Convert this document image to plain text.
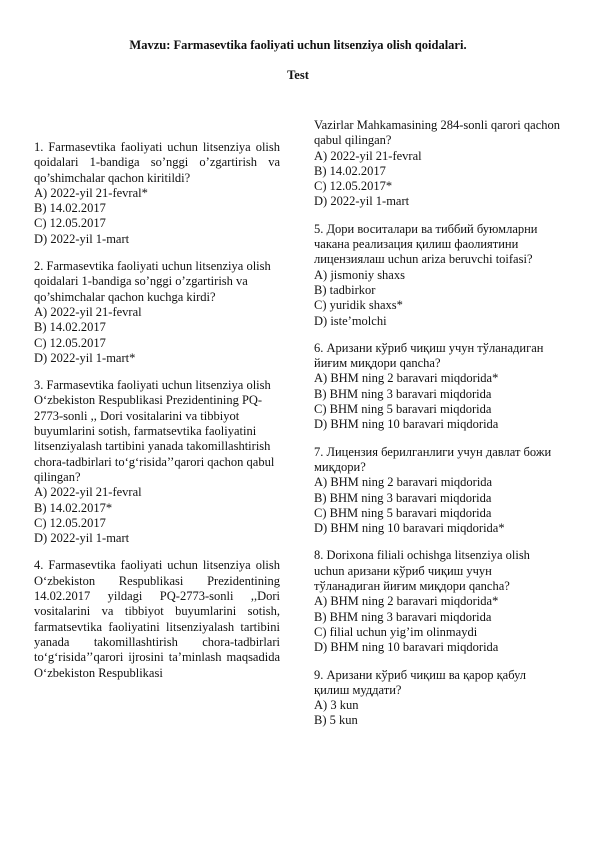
Mavzu: Farmasevtika faoliyati uchun litsenziya olish qoidalari.
Test
1. Farmasevtika faoliyati uchun litsenziya olish qoidalari 1-bandiga so’nggi o’zgartirish va qo’shimchalar qachon kiritildi?
A) 2022-yil 21-fevral*
B) 14.02.2017
C) 12.05.2017
D) 2022-yil 1-mart
2. Farmasevtika faoliyati uchun litsenziya olish qoidalari 1-bandiga so’nggi o’zgartirish va qo’shimchalar qachon kuchga kirdi?
A) 2022-yil 21-fevral
B) 14.02.2017
C) 12.05.2017
D) 2022-yil 1-mart*
3. Farmasevtika faoliyati uchun litsenziya olish O‘zbekiston Respublikasi Prezidentining PQ-2773-sonli ,, Dori vositalarini va tibbiyot buyumlarini sotish, farmatsevtika faoliyatini litsenziyalash tartibini yanada takomillashtirish chora-tadbirlari to‘g‘risida’’qarori qachon qabul qilingan?
A) 2022-yil 21-fevral
B) 14.02.2017*
C) 12.05.2017
D) 2022-yil 1-mart
4. Farmasevtika faoliyati uchun litsenziya olish O‘zbekiston Respublikasi Prezidentining 14.02.2017 yildagi PQ-2773-sonli ,,Dori vositalarini va tibbiyot buyumlarini sotish, farmatsevtika faoliyatini litsenziyalash tartibini yanada takomillashtirish chora-tadbirlari to‘g‘risida’’qarori ijrosini ta’minlash maqsadida O‘zbekiston Respublikasi
Vazirlar Mahkamasining 284-sonli qarori qachon qabul qilingan?
A) 2022-yil 21-fevral
B) 14.02.2017
C) 12.05.2017*
D) 2022-yil 1-mart
5. Дори воситалари ва тиббий буюмларни чакана реализация қилиш фаолиятини лицензиялаш uchun ariza beruvchi toifasi?
A) jismoniy shaxs
B) tadbirkor
C) yuridik shaxs*
D) iste’molchi
6. Аризани кўриб чиқиш учун тўланадиган йиғим миқдори qancha?
A) BHM ning 2 baravari miqdorida*
B) BHM ning 3 baravari miqdorida
C) BHM ning 5 baravari miqdorida
D) BHM ning 10 baravari miqdorida
7. Лицензия берилганлиги учун давлат божи миқдори?
A) BHM ning 2 baravari miqdorida
B) BHM ning 3 baravari miqdorida
C) BHM ning 5 baravari miqdorida
D) BHM ning 10 baravari miqdorida*
8. Dorixona filiali ochishga litsenziya olish uchun аризани кўриб чиқиш учун тўланадиган йиғим миқдори qancha?
A) BHM ning 2 baravari miqdorida*
B) BHM ning 3 baravari miqdorida
C) filial uchun yig’im olinmaydi
D) BHM ning 10 baravari miqdorida
9. Аризани кўриб чиқиш ва қарор қабул қилиш муддати?
A) 3 kun
B) 5 kun
